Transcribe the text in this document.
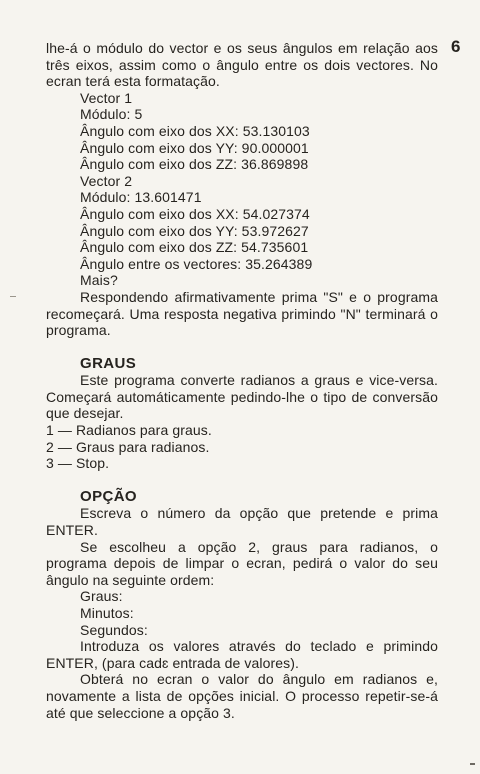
6

lhe-á o módulo do vector e os seus ângulos em relação aos três eixos, assim como o ângulo entre os dois vectores. No ecran terá esta formatação.

Vector 1
Módulo: 5
Ângulo com eixo dos XX: 53.130103
Ângulo com eixo dos YY: 90.000001
Ângulo com eixo dos ZZ: 36.869898
Vector 2
Módulo: 13.601471
Ângulo com eixo dos XX: 54.027374
Ângulo com eixo dos YY: 53.972627
Ângulo com eixo dos ZZ: 54.735601
Ângulo entre os vectores: 35.264389
Mais?

Respondendo afirmativamente prima "S" e o programa recomeçará. Uma resposta negativa primindo "N" terminará o programa.

GRAUS

Este programa converte radianos a graus e vice-versa. Começará automáticamente pedindo-lhe o tipo de conversão que desejar.

1 — Radianos para graus.
2 — Graus para radianos.
3 — Stop.
OPÇÃO

Escreva o número da opção que pretende e prima ENTER.

Se escolheu a opção 2, graus para radianos, o programa depois de limpar o ecran, pedirá o valor do seu ângulo na seguinte ordem:

Graus:
Minutos:
Segundos:

Introduza os valores através do teclado e primindo ENTER, (para cadɛ entrada de valores).

Obterá no ecran o valor do ângulo em radianos e, novamente a lista de opções inicial. O processo repetir-se-á até que seleccione a opção 3.
